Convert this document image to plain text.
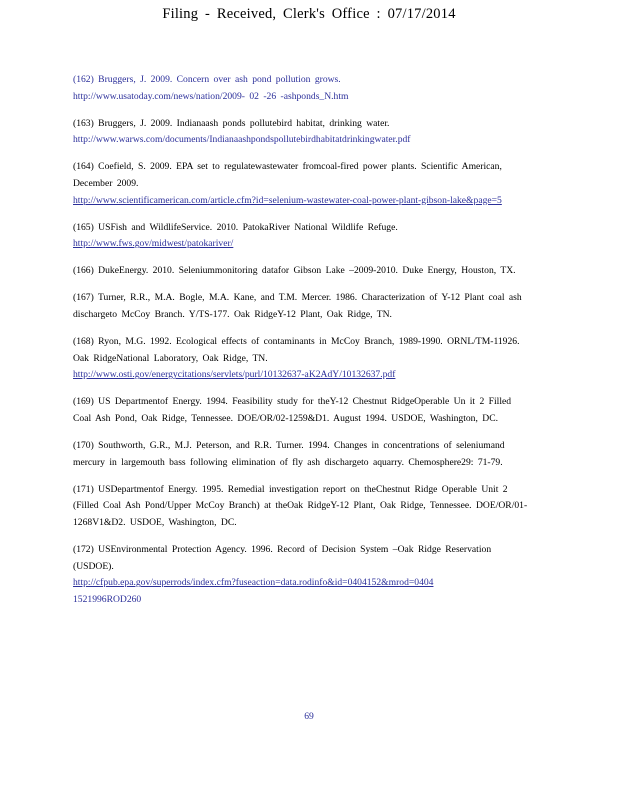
Filing - Received, Clerk's Office : 07/17/2014
(162) Bruggers, J. 2009. Concern over ash pond pollution grows.
http://www.usatoday.com/news/nation/2009- 02 -26 -ashponds_N.htm
(163) Bruggers, J. 2009. Indianaash ponds pollutebird habitat, drinking water.
http://www.warws.com/documents/Indianaashpondspollutebirdhabitatdrinkingwater.pdf
(164) Coefield, S. 2009. EPA set to regulatewastewater fromcoal-fired power plants. Scientific American, December 2009.
http://www.scientificamerican.com/article.cfm?id=selenium-wastewater-coal-power-plant-gibson-lake&page=5
(165) USFish and WildlifeService. 2010. PatokaRiver National Wildlife Refuge.
http://www.fws.gov/midwest/patokariver/
(166) DukeEnergy. 2010. Seleniummonitoring datafor Gibson Lake –2009-2010. Duke Energy, Houston, TX.
(167) Turner, R.R., M.A. Bogle, M.A. Kane, and T.M. Mercer. 1986. Characterization of Y-12 Plant coal ash dischargeto McCoy Branch. Y/TS-177. Oak RidgeY-12 Plant, Oak Ridge, TN.
(168) Ryon, M.G. 1992. Ecological effects of contaminants in McCoy Branch, 1989-1990. ORNL/TM-11926. Oak RidgeNational Laboratory, Oak Ridge, TN.
http://www.osti.gov/energycitations/servlets/purl/10132637-aK2AdY/10132637.pdf
(169) US Departmentof Energy. 1994. Feasibility study for theY-12 Chestnut RidgeOperable Un it 2 Filled Coal Ash Pond, Oak Ridge, Tennessee. DOE/OR/02-1259&D1. August 1994. USDOE, Washington, DC.
(170) Southworth, G.R., M.J. Peterson, and R.R. Turner. 1994. Changes in concentrations of seleniumand mercury in largemouth bass following elimination of fly ash dischargeto aquarry. Chemosphere29: 71-79.
(171) USDepartmentof Energy. 1995. Remedial investigation report on theChestnut Ridge Operable Unit 2 (Filled Coal Ash Pond/Upper McCoy Branch) at theOak RidgeY-12 Plant, Oak Ridge, Tennessee. DOE/OR/01-1268V1&D2. USDOE, Washington, DC.
(172) USEnvironmental Protection Agency. 1996. Record of Decision System –Oak Ridge Reservation (USDOE).
http://cfpub.epa.gov/superrods/index.cfm?fuseaction=data.rodinfo&id=0404152&mrod=0404
1521996ROD260
69
